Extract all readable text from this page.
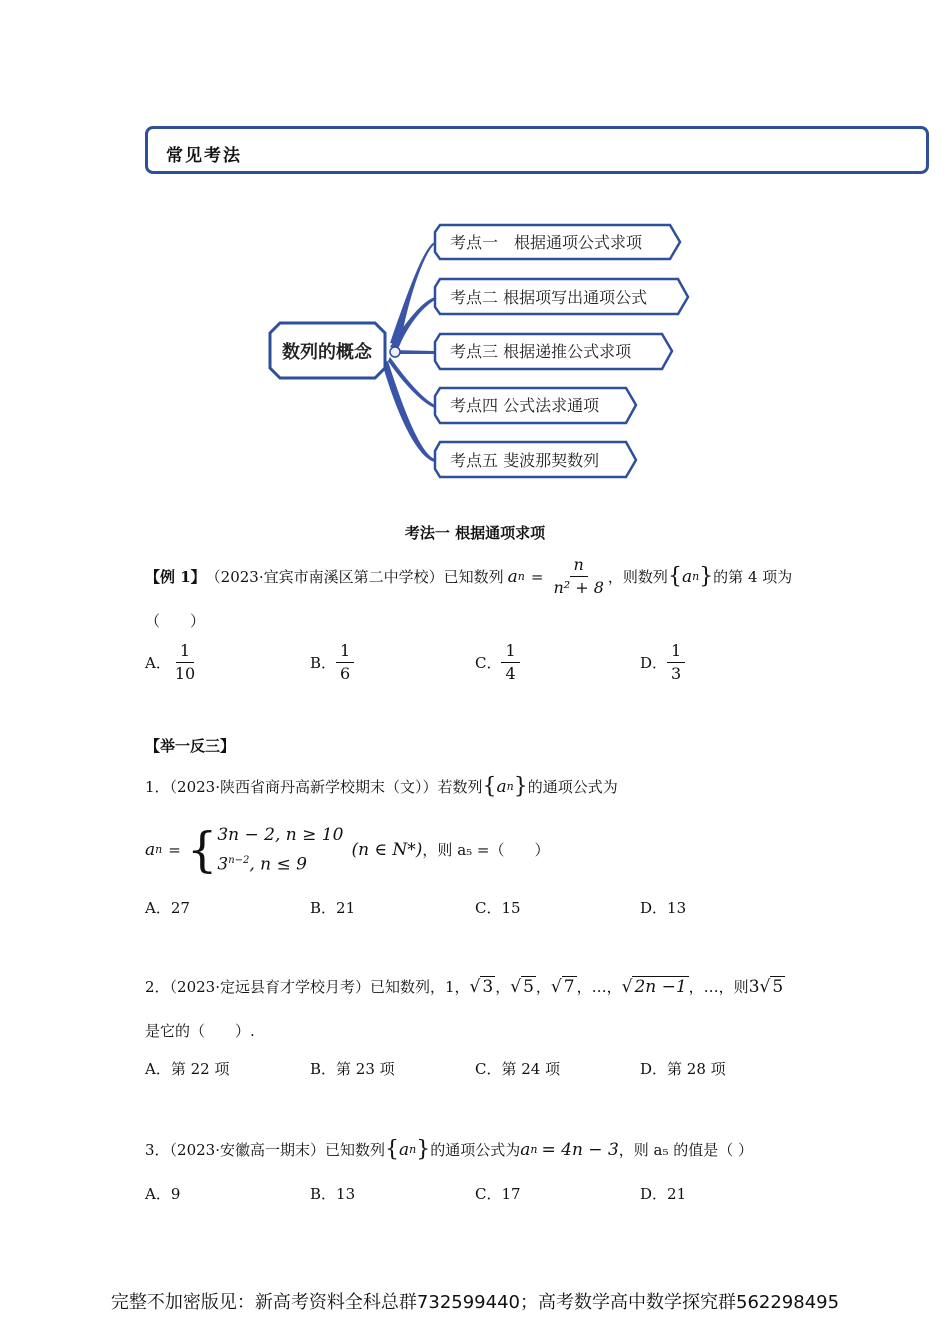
常见考法
数列的概念
考点一　根据通项公式求项
考点二 根据项写出通项公式
考点三 根据递推公式求项
考点四 公式法求通项
考点五 斐波那契数列
考法一 根据通项求项
【例 1】 （2023·宜宾市南溪区第二中学校）已知数列 a $n = \frac{n}{\text{n² + 8}}$ ，则数列 { a n } 的第 4 项为
（　　）
A． $\frac{1}{10}$	B． $\frac{1}{6}$	C． $\frac{1}{4}$	D． $\frac{1}{3}$
【举一反三】
1．（2023·陕西省商丹高新学校期末（文））若数列 { a n } 的通项公式为
a n = { 3n − 2, n ≥ 10
$3^{n-2}$, n ≤ 9
(n ∈ N*) ，则 a₅ =（　　）
A．27	B．21	C．15	D．13
2．（2023·定远县育才学校月考）已知数列，1， √ 3 ， √ 5 ， √ 7 ，…， √ 2n −1 ，…，则 3 √ 5
是它的（　　）.
A．第 22 项	B．第 23 项	C．第 24 项	D．第 28 项
3．（2023·安徽高一期末）已知数列 { a n } 的通项公式为 a n = 4n − 3 ，则 a₅ 的值是（ ）
A．9	B．13	C．17	D．21
完整不加密版见：新高考资料全科总群732599440；高考数学高中数学探究群562298495
